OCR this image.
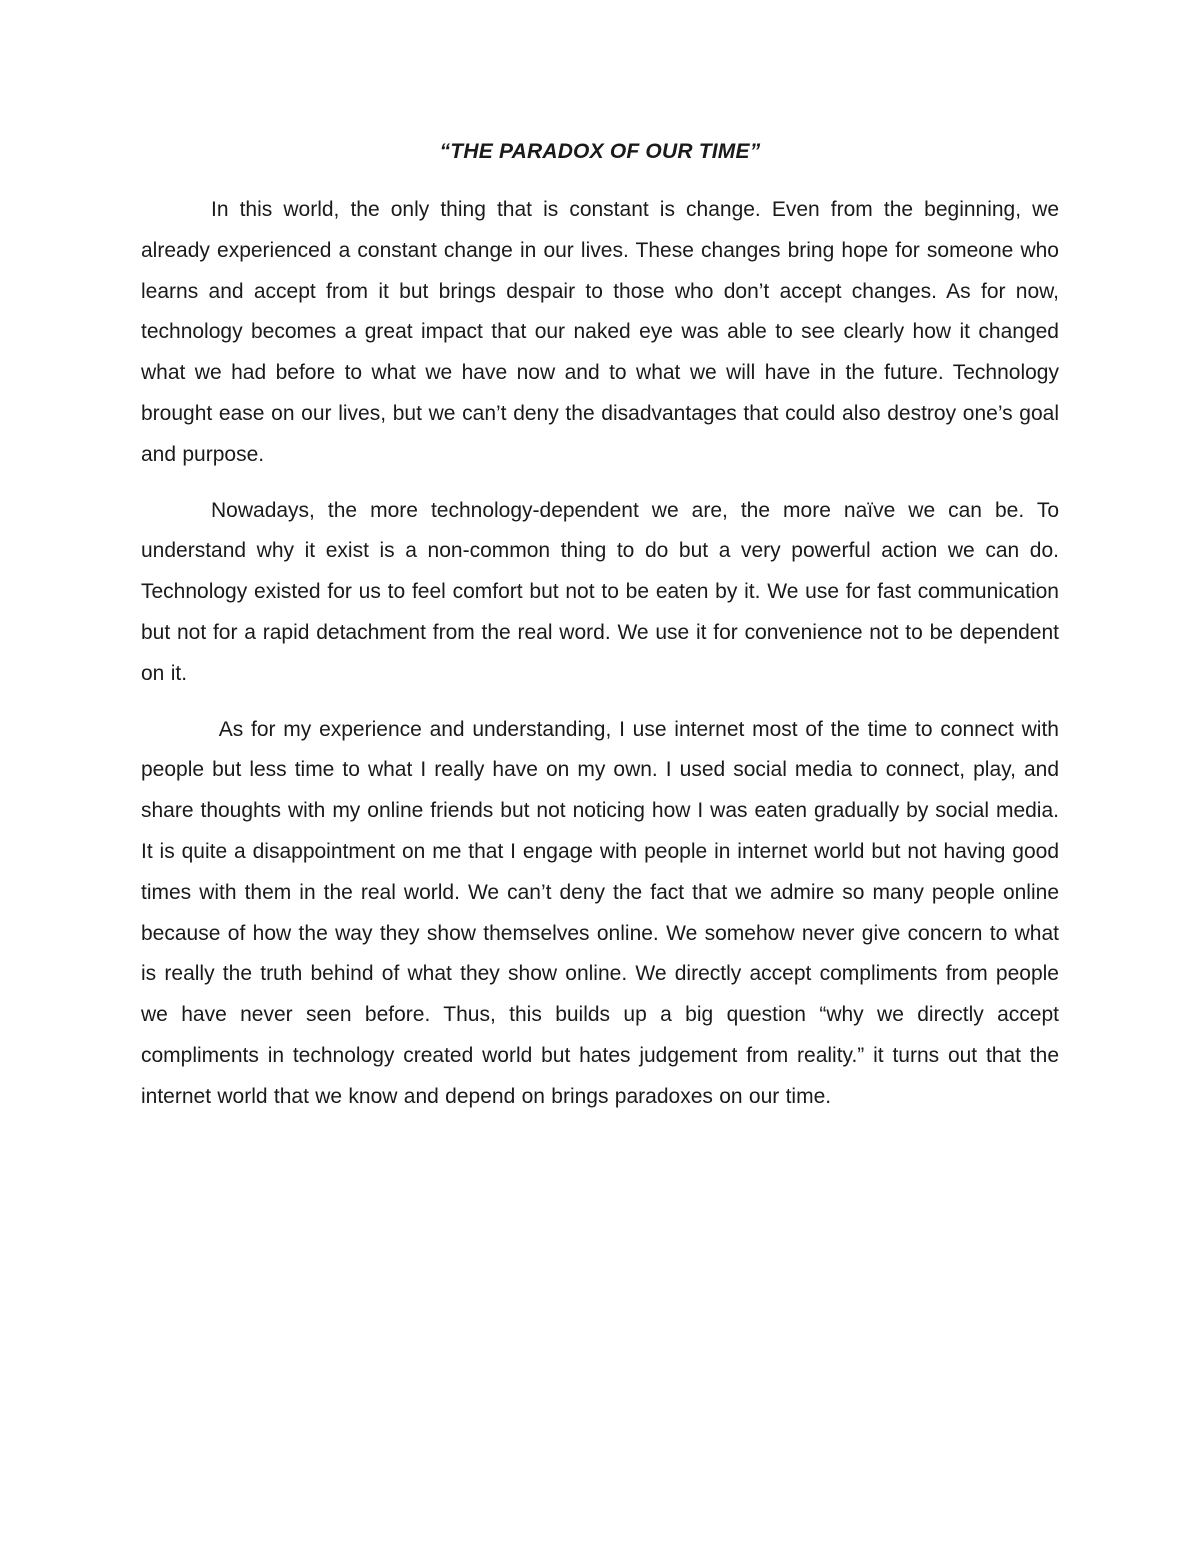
“THE PARADOX OF OUR TIME”

In this world, the only thing that is constant is change. Even from the beginning, we already experienced a constant change in our lives. These changes bring hope for someone who learns and accept from it but brings despair to those who don’t accept changes. As for now, technology becomes a great impact that our naked eye was able to see clearly how it changed what we had before to what we have now and to what we will have in the future. Technology brought ease on our lives, but we can’t deny the disadvantages that could also destroy one’s goal and purpose.

Nowadays, the more technology-dependent we are, the more naïve we can be. To understand why it exist is a non-common thing to do but a very powerful action we can do. Technology existed for us to feel comfort but not to be eaten by it. We use for fast communication but not for a rapid detachment from the real word. We use it for convenience not to be dependent on it.

As for my experience and understanding, I use internet most of the time to connect with people but less time to what I really have on my own. I used social media to connect, play, and share thoughts with my online friends but not noticing how I was eaten gradually by social media. It is quite a disappointment on me that I engage with people in internet world but not having good times with them in the real world. We can’t deny the fact that we admire so many people online because of how the way they show themselves online. We somehow never give concern to what is really the truth behind of what they show online. We directly accept compliments from people we have never seen before. Thus, this builds up a big question “why we directly accept compliments in technology created world but hates judgement from reality.” it turns out that the internet world that we know and depend on brings paradoxes on our time.
